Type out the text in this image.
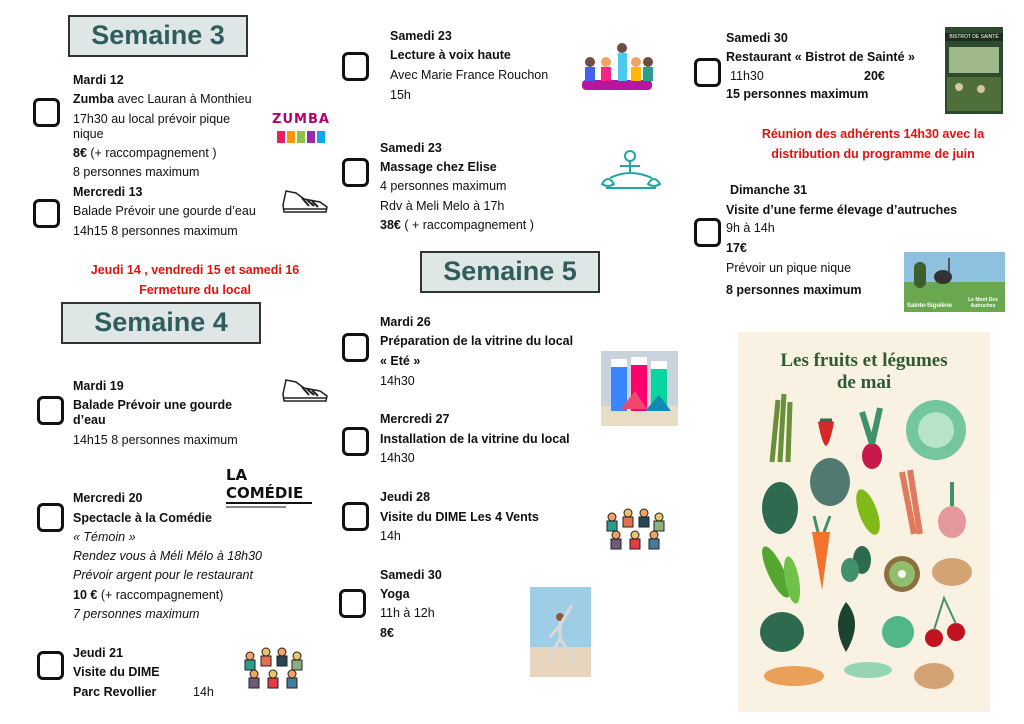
Semaine 3
Mardi 12
Zumba avec Lauran à Monthieu
17h30 au local prévoir pique
nique
8€ (+ raccompagnement )
8 personnes maximum
ZUMBA
Mercredi 13
Balade Prévoir une gourde d’eau
14h15 8 personnes maximum
Jeudi 14 , vendredi 15 et samedi 16
Fermeture du local
Semaine 4
Mardi 19
Balade Prévoir une gourde
d’eau
14h15 8 personnes maximum
LA COMÉDIE
Mercredi 20
Spectacle à la Comédie
« Témoin »
Rendez vous à Méli Mélo à 18h30
Prévoir argent pour le restaurant
10 € (+ raccompagnement)
7 personnes maximum
Jeudi 21
Visite du DIME
Parc Revollier	14h
Samedi 23
Lecture à voix haute
Avec Marie France Rouchon
15h
Samedi 23
Massage chez Elise
4 personnes maximum
Rdv à Meli Melo à 17h
38€ ( + raccompagnement )
Semaine 5
Mardi 26
Préparation de la vitrine du local
« Eté »
14h30
Mercredi 27
Installation de la vitrine du local
14h30
Jeudi 28
Visite du DIME Les 4 Vents
14h
Samedi 30
Yoga
11h à 12h
8€
Samedi 30
Restaurant « Bistrot de Sainté »
11h30	20€
15 personnes maximum
BISTROT DE SAINTÉ
Réunion des adhérents 14h30 avec la
distribution du programme de juin
Dimanche 31
Visite d’une ferme élevage d’autruches
9h à 14h
17€
Prévoir un pique nique
8 personnes maximum
Sainte-Sigolène
Le Mont Des Autruches
Les fruits et légumes
de mai
